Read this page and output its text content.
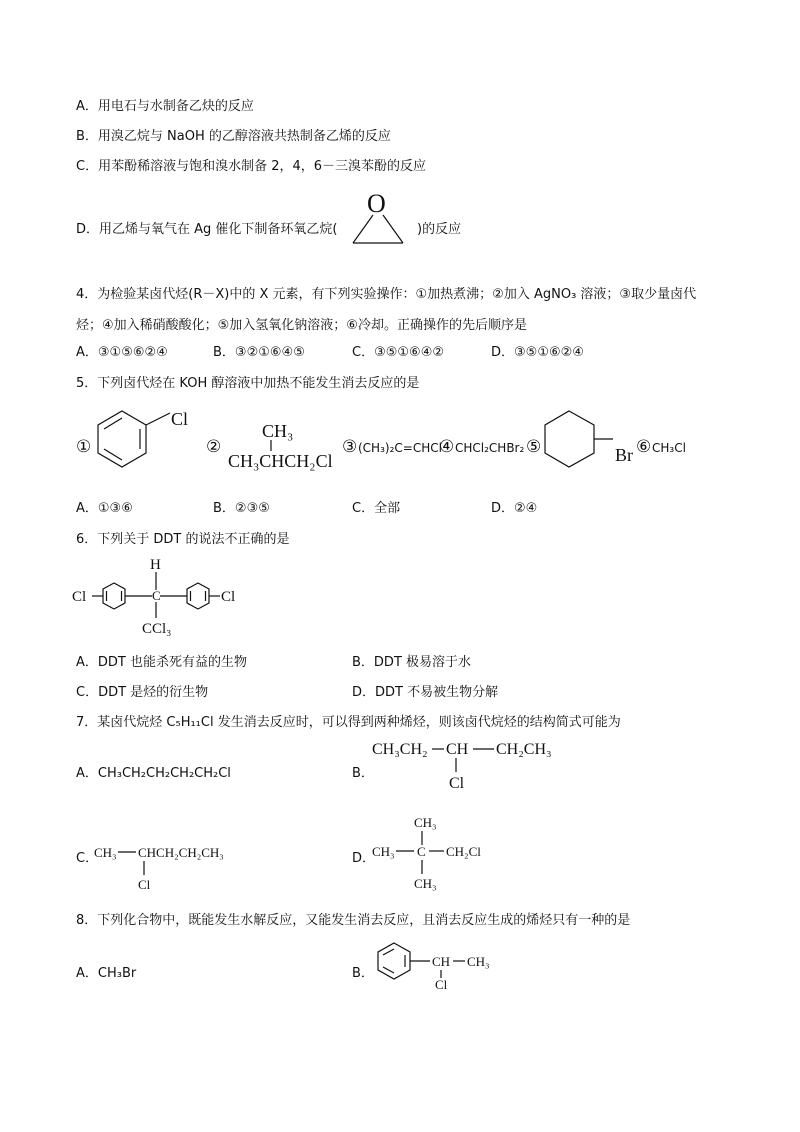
A．用电石与水制备乙炔的反应
B．用溴乙烷与 NaOH 的乙醇溶液共热制备乙烯的反应
C．用苯酚稀溶液与饱和溴水制备 2，4，6－三溴苯酚的反应
D．用乙烯与氧气在 Ag 催化下制备环氧乙烷(
O
)的反应
4．为检验某卤代烃(R－X)中的 X 元素，有下列实验操作：①加热煮沸；②加入 AgNO₃ 溶液；③取少量卤代
烃；④加入稀硝酸酸化；⑤加入氢氧化钠溶液；⑥冷却。正确操作的先后顺序是
A．③①⑤⑥②④	B．③②①⑥④⑤	C．③⑤①⑥④②	D．③⑤①⑥②④
5．下列卤代烃在 KOH 醇溶液中加热不能发生消去反应的是
①
Cl
②
CH₃
CH₃CHCH₂Cl
③ (CH₃)₂C=CHCl
④ CHCl₂CHBr₂ ⑤	Br ⑥ CH₃Cl
A．①③⑥	B．②③⑤	C．全部	D．②④
6．下列关于 DDT 的说法不正确的是
Cl	C
H
Cl
CCl₃
A．DDT 也能杀死有益的生物	B．DDT 极易溶于水
C．DDT 是烃的衍生物	D．DDT 不易被生物分解
7．某卤代烷烃 C₅H₁₁Cl 发生消去反应时，可以得到两种烯烃，则该卤代烷烃的结构简式可能为
A．CH₃CH₂CH₂CH₂CH₂Cl	B．
CH₃CH₂ CH CH₂CH₃
Cl
C．
CH₃ CHCH₂CH₂CH₃
Cl
D．
CH₃
CH₃ C CH₂Cl
CH₃
8．下列化合物中，既能发生水解反应，又能发生消去反应，且消去反应生成的烯烃只有一种的是
A．CH₃Br	B．
CH CH₃
Cl
